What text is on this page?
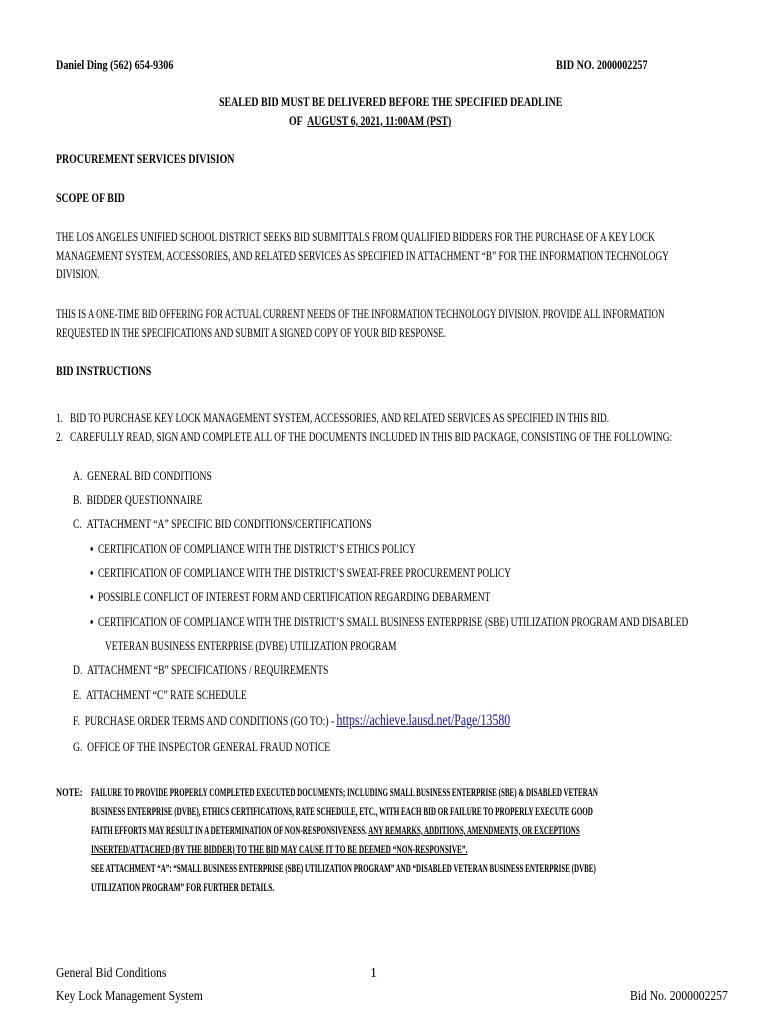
Daniel Ding (562) 654-9306	BID NO. 2000002257
SEALED BID MUST BE DELIVERED BEFORE THE SPECIFIED DEADLINE
OF AUGUST 6, 2021, 11:00AM (PST)
PROCUREMENT SERVICES DIVISION
SCOPE OF BID
THE LOS ANGELES UNIFIED SCHOOL DISTRICT SEEKS BID SUBMITTALS FROM QUALIFIED BIDDERS FOR THE PURCHASE OF A KEY LOCK
MANAGEMENT SYSTEM, ACCESSORIES, AND RELATED SERVICES AS SPECIFIED IN ATTACHMENT “B” FOR THE INFORMATION TECHNOLOGY
DIVISION.
THIS IS A ONE-TIME BID OFFERING FOR ACTUAL CURRENT NEEDS OF THE INFORMATION TECHNOLOGY DIVISION. PROVIDE ALL INFORMATION
REQUESTED IN THE SPECIFICATIONS AND SUBMIT A SIGNED COPY OF YOUR BID RESPONSE.
BID INSTRUCTIONS
1. BID TO PURCHASE KEY LOCK MANAGEMENT SYSTEM, ACCESSORIES, AND RELATED SERVICES AS SPECIFIED IN THIS BID.
2. CAREFULLY READ, SIGN AND COMPLETE ALL OF THE DOCUMENTS INCLUDED IN THIS BID PACKAGE, CONSISTING OF THE FOLLOWING:
A. GENERAL BID CONDITIONS
B. BIDDER QUESTIONNAIRE
C. ATTACHMENT “A” SPECIFIC BID CONDITIONS/CERTIFICATIONS
▪ CERTIFICATION OF COMPLIANCE WITH THE DISTRICT’S ETHICS POLICY
▪ CERTIFICATION OF COMPLIANCE WITH THE DISTRICT’S SWEAT-FREE PROCUREMENT POLICY
▪ POSSIBLE CONFLICT OF INTEREST FORM AND CERTIFICATION REGARDING DEBARMENT
▪ CERTIFICATION OF COMPLIANCE WITH THE DISTRICT’S SMALL BUSINESS ENTERPRISE (SBE) UTILIZATION PROGRAM AND DISABLED
VETERAN BUSINESS ENTERPRISE (DVBE) UTILIZATION PROGRAM
D. ATTACHMENT “B” SPECIFICATIONS / REQUIREMENTS
E. ATTACHMENT “C” RATE SCHEDULE
F. PURCHASE ORDER TERMS AND CONDITIONS (GO TO:) - https://achieve.lausd.net/Page/13580
G. OFFICE OF THE INSPECTOR GENERAL FRAUD NOTICE
NOTE: FAILURE TO PROVIDE PROPERLY COMPLETED EXECUTED DOCUMENTS; INCLUDING SMALL BUSINESS ENTERPRISE (SBE) & DISABLED VETERAN
BUSINESS ENTERPRISE (DVBE), ETHICS CERTIFICATIONS, RATE SCHEDULE, ETC., WITH EACH BID OR FAILURE TO PROPERLY EXECUTE GOOD
FAITH EFFORTS MAY RESULT IN A DETERMINATION OF NON-RESPONSIVENESS. ANY REMARKS, ADDITIONS, AMENDMENTS, OR EXCEPTIONS
INSERTED/ATTACHED (BY THE BIDDER) TO THE BID MAY CAUSE IT TO BE DEEMED “NON-RESPONSIVE”.
SEE ATTACHMENT “A”: “SMALL BUSINESS ENTERPRISE (SBE) UTILIZATION PROGRAM” AND “DISABLED VETERAN BUSINESS ENTERPRISE (DVBE)
UTILIZATION PROGRAM” FOR FURTHER DETAILS.
General Bid Conditions
Key Lock Management System
1
Bid No. 2000002257
